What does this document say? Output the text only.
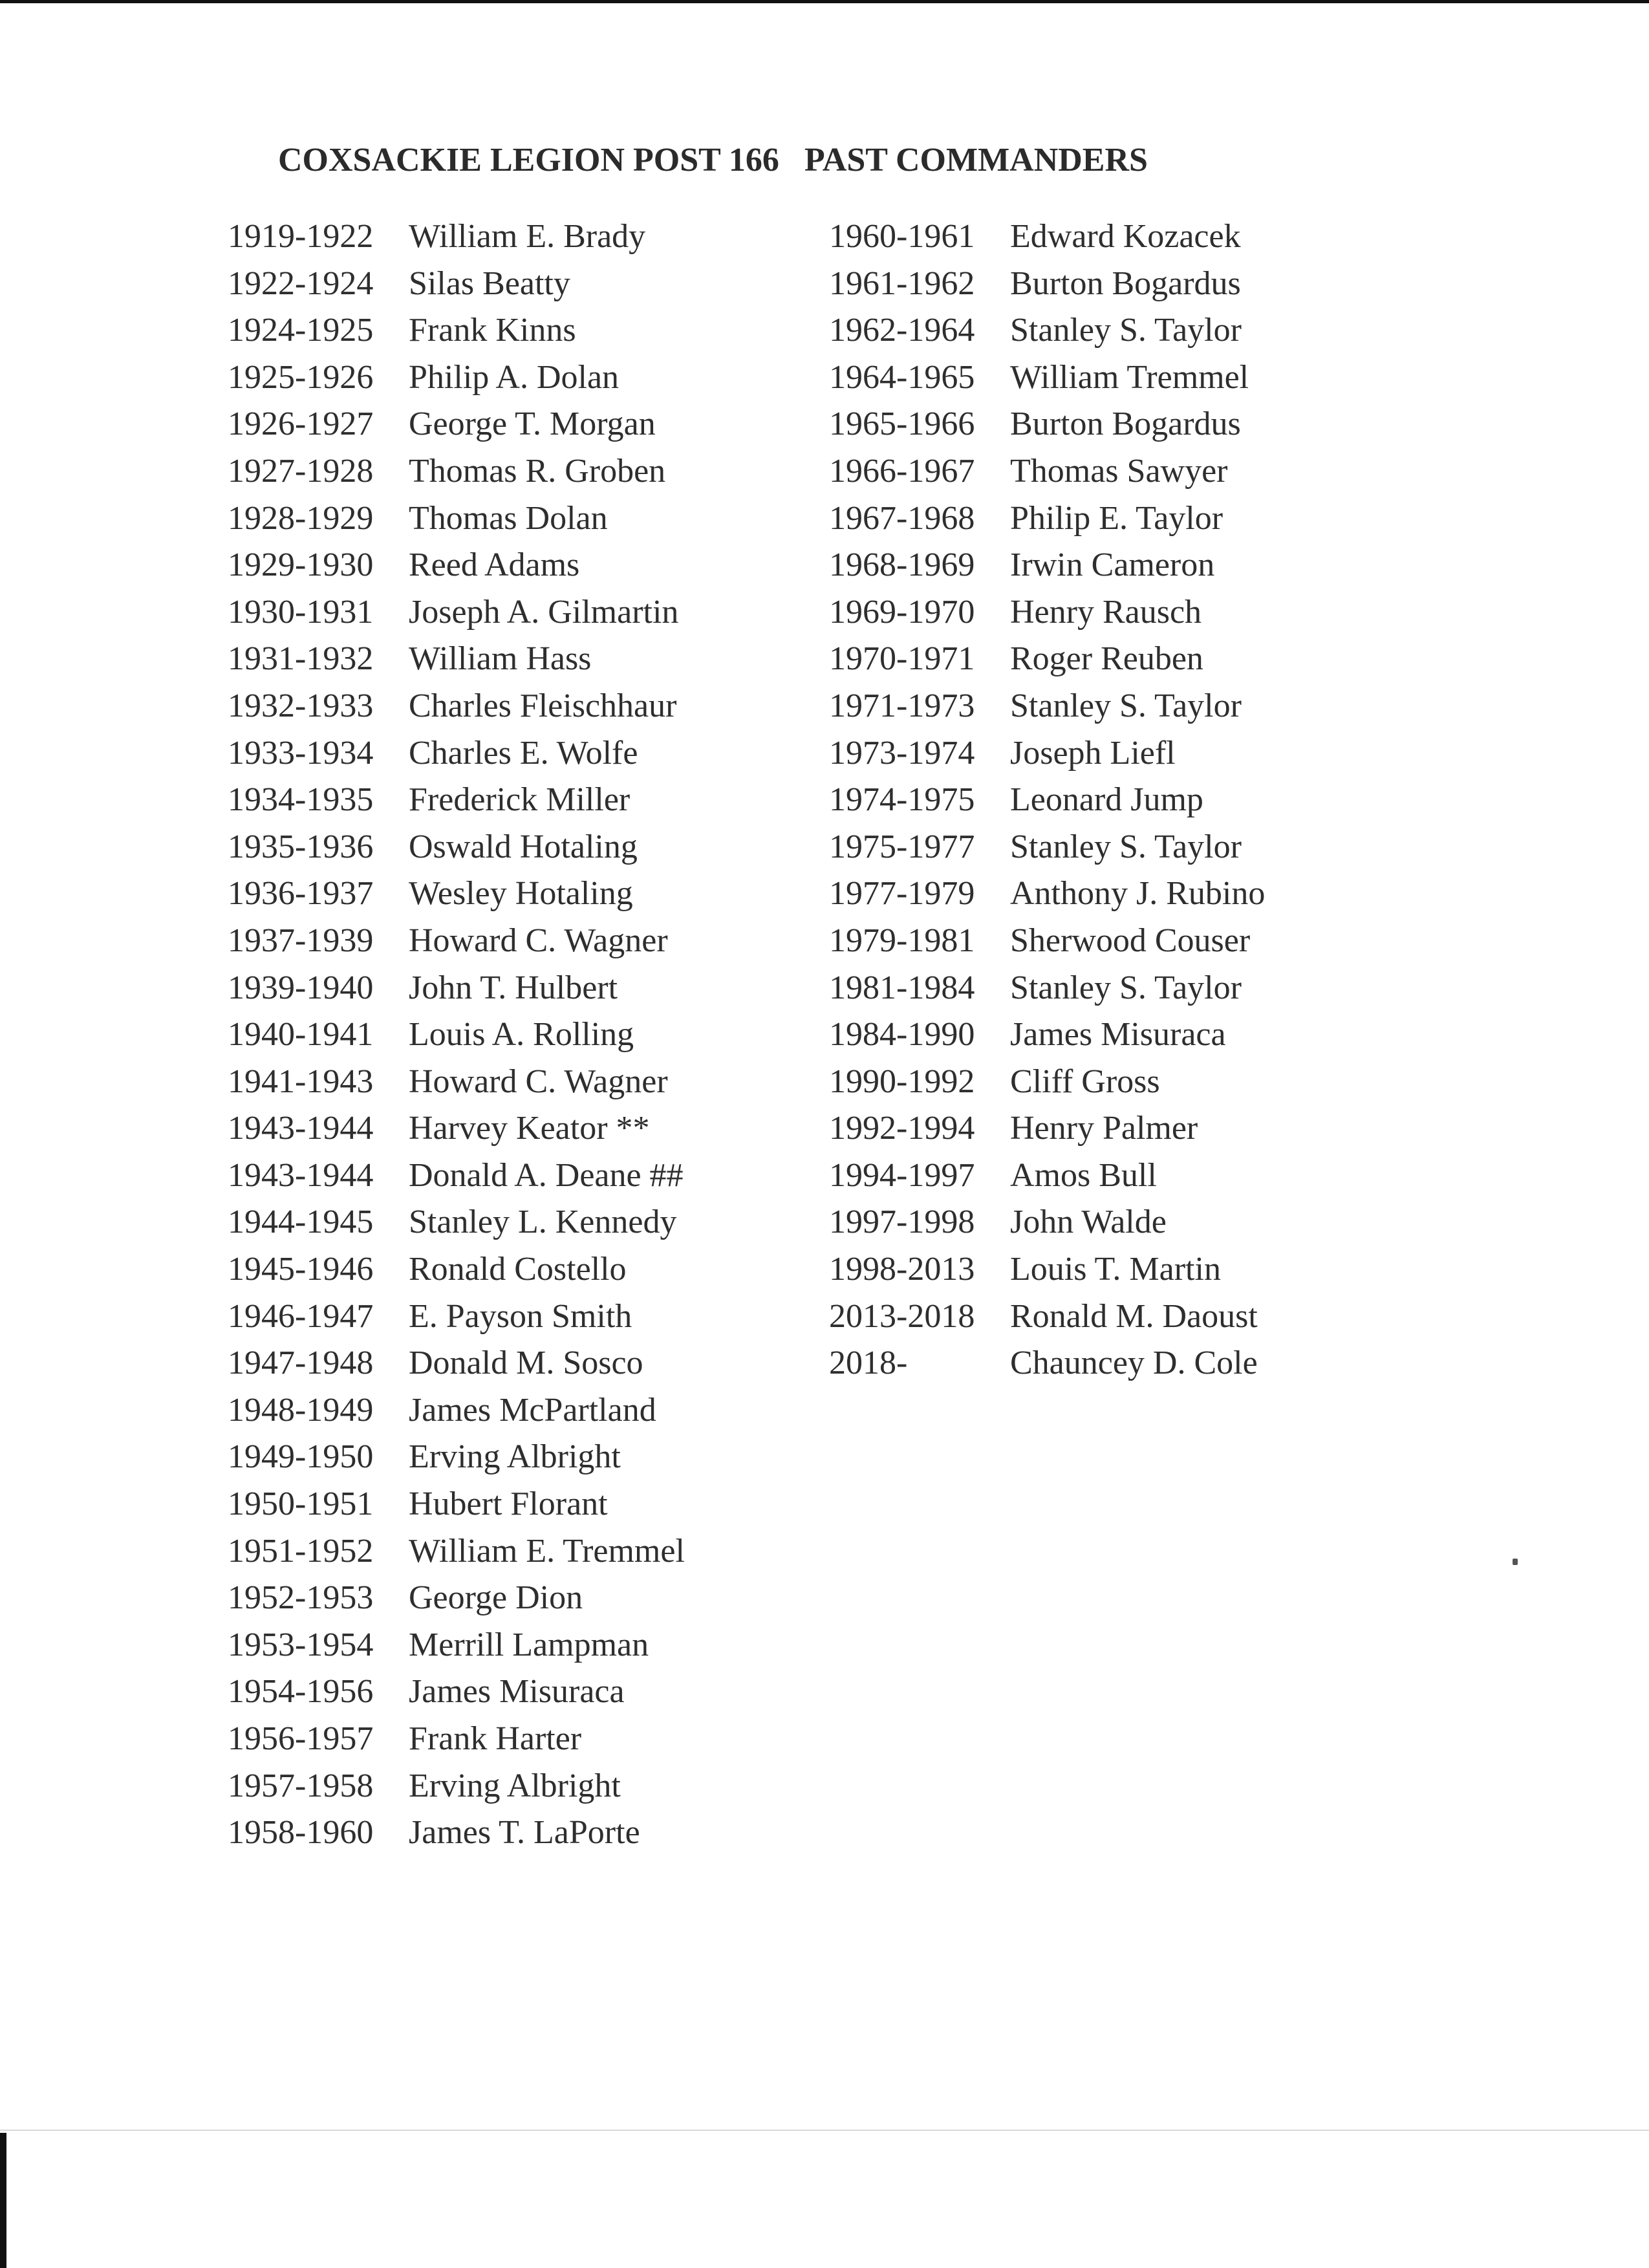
COXSACKIE LEGION POST 166   PAST COMMANDERS
1919-1922	William E. Brady
1922-1924	Silas Beatty
1924-1925	Frank Kinns
1925-1926	Philip A. Dolan
1926-1927	George T. Morgan
1927-1928	Thomas R. Groben
1928-1929	Thomas Dolan
1929-1930	Reed Adams
1930-1931	Joseph A. Gilmartin
1931-1932	William Hass
1932-1933	Charles Fleischhaur
1933-1934	Charles E. Wolfe
1934-1935	Frederick Miller
1935-1936	Oswald Hotaling
1936-1937	Wesley Hotaling
1937-1939	Howard C. Wagner
1939-1940	John T. Hulbert
1940-1941	Louis A. Rolling
1941-1943	Howard C. Wagner
1943-1944	Harvey Keator **
1943-1944	Donald A. Deane ##
1944-1945	Stanley L. Kennedy
1945-1946	Ronald Costello
1946-1947	E. Payson Smith
1947-1948	Donald M. Sosco
1948-1949	James McPartland
1949-1950	Erving Albright
1950-1951	Hubert Florant
1951-1952	William E. Tremmel
1952-1953	George Dion
1953-1954	Merrill Lampman
1954-1956	James Misuraca
1956-1957	Frank Harter
1957-1958	Erving Albright
1958-1960	James T. LaPorte
1960-1961	Edward Kozacek
1961-1962	Burton Bogardus
1962-1964	Stanley S. Taylor
1964-1965	William Tremmel
1965-1966	Burton Bogardus
1966-1967	Thomas Sawyer
1967-1968	Philip E. Taylor
1968-1969	Irwin Cameron
1969-1970	Henry Rausch
1970-1971	Roger Reuben
1971-1973	Stanley S. Taylor
1973-1974	Joseph Liefl
1974-1975	Leonard Jump
1975-1977	Stanley S. Taylor
1977-1979	Anthony J. Rubino
1979-1981	Sherwood Couser
1981-1984	Stanley S. Taylor
1984-1990	James Misuraca
1990-1992	Cliff Gross
1992-1994	Henry Palmer
1994-1997	Amos Bull
1997-1998	John Walde
1998-2013	Louis T. Martin
2013-2018	Ronald M. Daoust
2018-	Chauncey D. Cole
